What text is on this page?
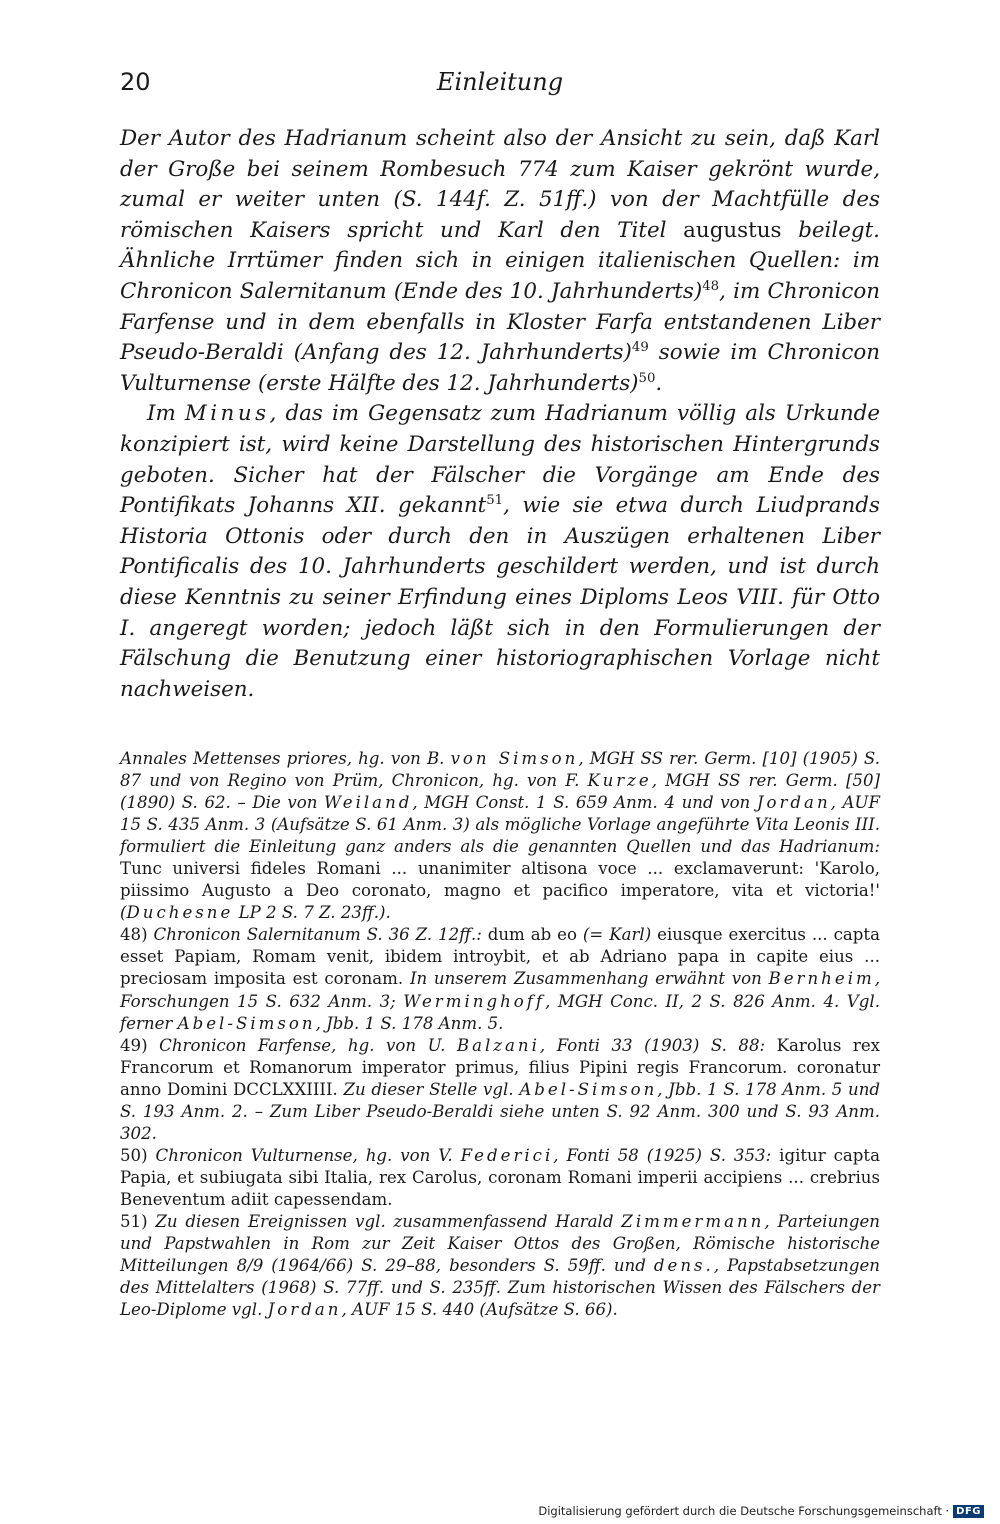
20	Einleitung

Der Autor des Hadrianum scheint also der Ansicht zu sein, daß Karl der Große bei seinem Rombesuch 774 zum Kaiser gekrönt wurde, zumal er weiter unten (S. 144f. Z. 51ff.) von der Machtfülle des römischen Kaisers spricht und Karl den Titel augustus beilegt. Ähnliche Irrtümer finden sich in einigen italienischen Quellen: im Chronicon Salernitanum (Ende des 10. Jahrhunderts)$^{48}$, im Chronicon Farfense und in dem ebenfalls in Kloster Farfa entstandenen Liber Pseudo-Beraldi (Anfang des 12. Jahrhunderts)$^{49}$ sowie im Chronicon Vulturnense (erste Hälfte des 12. Jahrhunderts)$^{50}$.

Im Minus, das im Gegensatz zum Hadrianum völlig als Urkunde konzipiert ist, wird keine Darstellung des historischen Hintergrunds geboten. Sicher hat der Fälscher die Vorgänge am Ende des Pontifikats Johanns XII. gekannt$^{51}$, wie sie etwa durch Liudprands Historia Ottonis oder durch den in Auszügen erhaltenen Liber Pontificalis des 10. Jahrhunderts geschildert werden, und ist durch diese Kenntnis zu seiner Erfindung eines Diploms Leos VIII. für Otto I. angeregt worden; jedoch läßt sich in den Formulierungen der Fälschung die Benutzung einer historiographischen Vorlage nicht nachweisen.

Annales Mettenses priores, hg. von B. von Simson, MGH SS rer. Germ. [10] (1905) S. 87 und von Regino von Prüm, Chronicon, hg. von F. Kurze, MGH SS rer. Germ. [50] (1890) S. 62. – Die von Weiland, MGH Const. 1 S. 659 Anm. 4 und von Jordan, AUF 15 S. 435 Anm. 3 (Aufsätze S. 61 Anm. 3) als mögliche Vorlage angeführte Vita Leonis III. formuliert die Einleitung ganz anders als die genannten Quellen und das Hadrianum: Tunc universi fideles Romani ... unanimiter altisona voce ... exclamaverunt: 'Karolo, piissimo Augusto a Deo coronato, magno et pacifico imperatore, vita et victoria!' (Duchesne LP 2 S. 7 Z. 23ff.).

48) Chronicon Salernitanum S. 36 Z. 12ff.: dum ab eo (= Karl) eiusque exercitus ... capta esset Papiam, Romam venit, ibidem introybit, et ab Adriano papa in capite eius ... preciosam imposita est coronam. In unserem Zusammenhang erwähnt von Bernheim, Forschungen 15 S. 632 Anm. 3; Werminghoff, MGH Conc. II, 2 S. 826 Anm. 4. Vgl. ferner Abel-Simson, Jbb. 1 S. 178 Anm. 5.

49) Chronicon Farfense, hg. von U. Balzani, Fonti 33 (1903) S. 88: Karolus rex Francorum et Romanorum imperator primus, filius Pipini regis Francorum. coronatur anno Domini DCCLXXIIII. Zu dieser Stelle vgl. Abel-Simson, Jbb. 1 S. 178 Anm. 5 und S. 193 Anm. 2. – Zum Liber Pseudo-Beraldi siehe unten S. 92 Anm. 300 und S. 93 Anm. 302.

50) Chronicon Vulturnense, hg. von V. Federici, Fonti 58 (1925) S. 353: igitur capta Papia, et subiugata sibi Italia, rex Carolus, coronam Romani imperii accipiens ... crebrius Beneventum adiit capessendam.

51) Zu diesen Ereignissen vgl. zusammenfassend Harald Zimmermann, Parteiungen und Papstwahlen in Rom zur Zeit Kaiser Ottos des Großen, Römische historische Mitteilungen 8/9 (1964/66) S. 29–88, besonders S. 59ff. und dens., Papstabsetzungen des Mittelalters (1968) S. 77ff. und S. 235ff. Zum historischen Wissen des Fälschers der Leo-Diplome vgl. Jordan, AUF 15 S. 440 (Aufsätze S. 66).

Digitalisierung gefördert durch die Deutsche Forschungsgemeinschaft · DFG
